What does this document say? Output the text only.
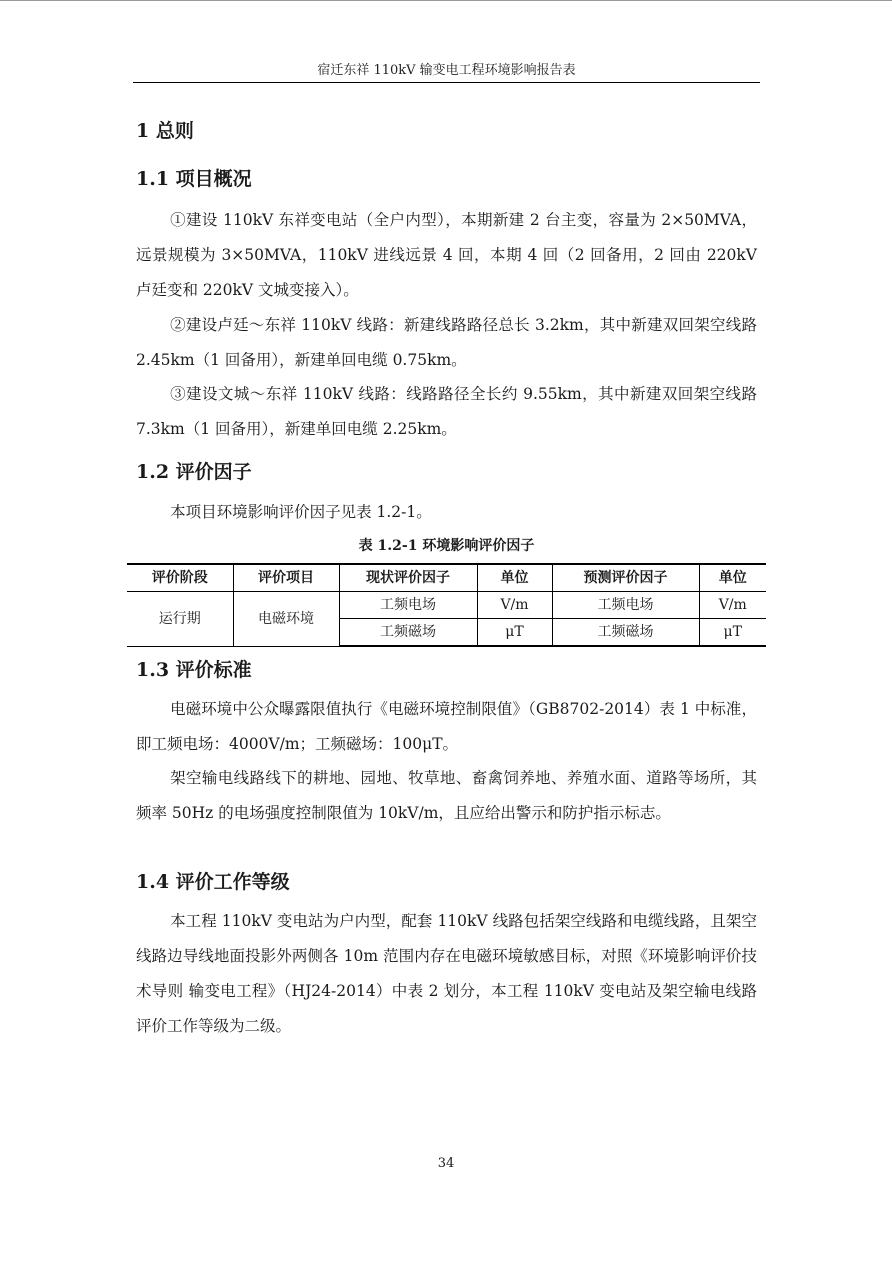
宿迁东祥 110kV 输变电工程环境影响报告表
1 总则
1.1 项目概况

①建设 110kV 东祥变电站（全户内型），本期新建 2 台主变，容量为 2×50MVA，远景规模为 3×50MVA，110kV 进线远景 4 回，本期 4 回（2 回备用，2 回由 220kV 卢廷变和 220kV 文城变接入）。

②建设卢廷～东祥 110kV 线路：新建线路路径总长 3.2km，其中新建双回架空线路 2.45km（1 回备用），新建单回电缆 0.75km。

③建设文城～东祥 110kV 线路：线路路径全长约 9.55km，其中新建双回架空线路 7.3km（1 回备用），新建单回电缆 2.25km。

1.2 评价因子

本项目环境影响评价因子见表 1.2-1。

表 1.2-1 环境影响评价因子
评价阶段	评价项目	现状评价因子	单位	预测评价因子	单位
运行期	电磁环境	工频电场	V/m	工频电场	V/m
		工频磁场	μT	工频磁场	μT
1.3 评价标准

电磁环境中公众曝露限值执行《电磁环境控制限值》（GB8702-2014）表 1 中标准，即工频电场：4000V/m；工频磁场：100μT。

架空输电线路线下的耕地、园地、牧草地、畜禽饲养地、养殖水面、道路等场所，其频率 50Hz 的电场强度控制限值为 10kV/m，且应给出警示和防护指示标志。

1.4 评价工作等级

本工程 110kV 变电站为户内型，配套 110kV 线路包括架空线路和电缆线路，且架空线路边导线地面投影外两侧各 10m 范围内存在电磁环境敏感目标，对照《环境影响评价技术导则 输变电工程》（HJ24-2014）中表 2 划分，本工程 110kV 变电站及架空输电线路评价工作等级为二级。

34
